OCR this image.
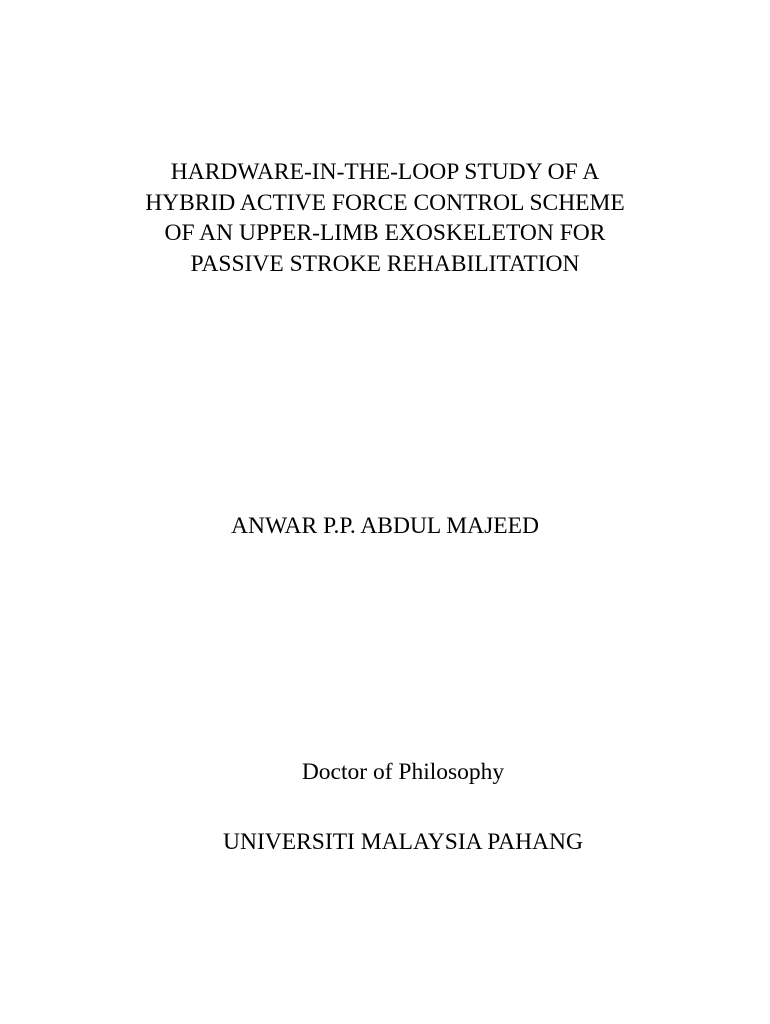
HARDWARE-IN-THE-LOOP STUDY OF A
HYBRID ACTIVE FORCE CONTROL SCHEME
OF AN UPPER-LIMB EXOSKELETON FOR
PASSIVE STROKE REHABILITATION
ANWAR P.P. ABDUL MAJEED
Doctor of Philosophy
UNIVERSITI MALAYSIA PAHANG
